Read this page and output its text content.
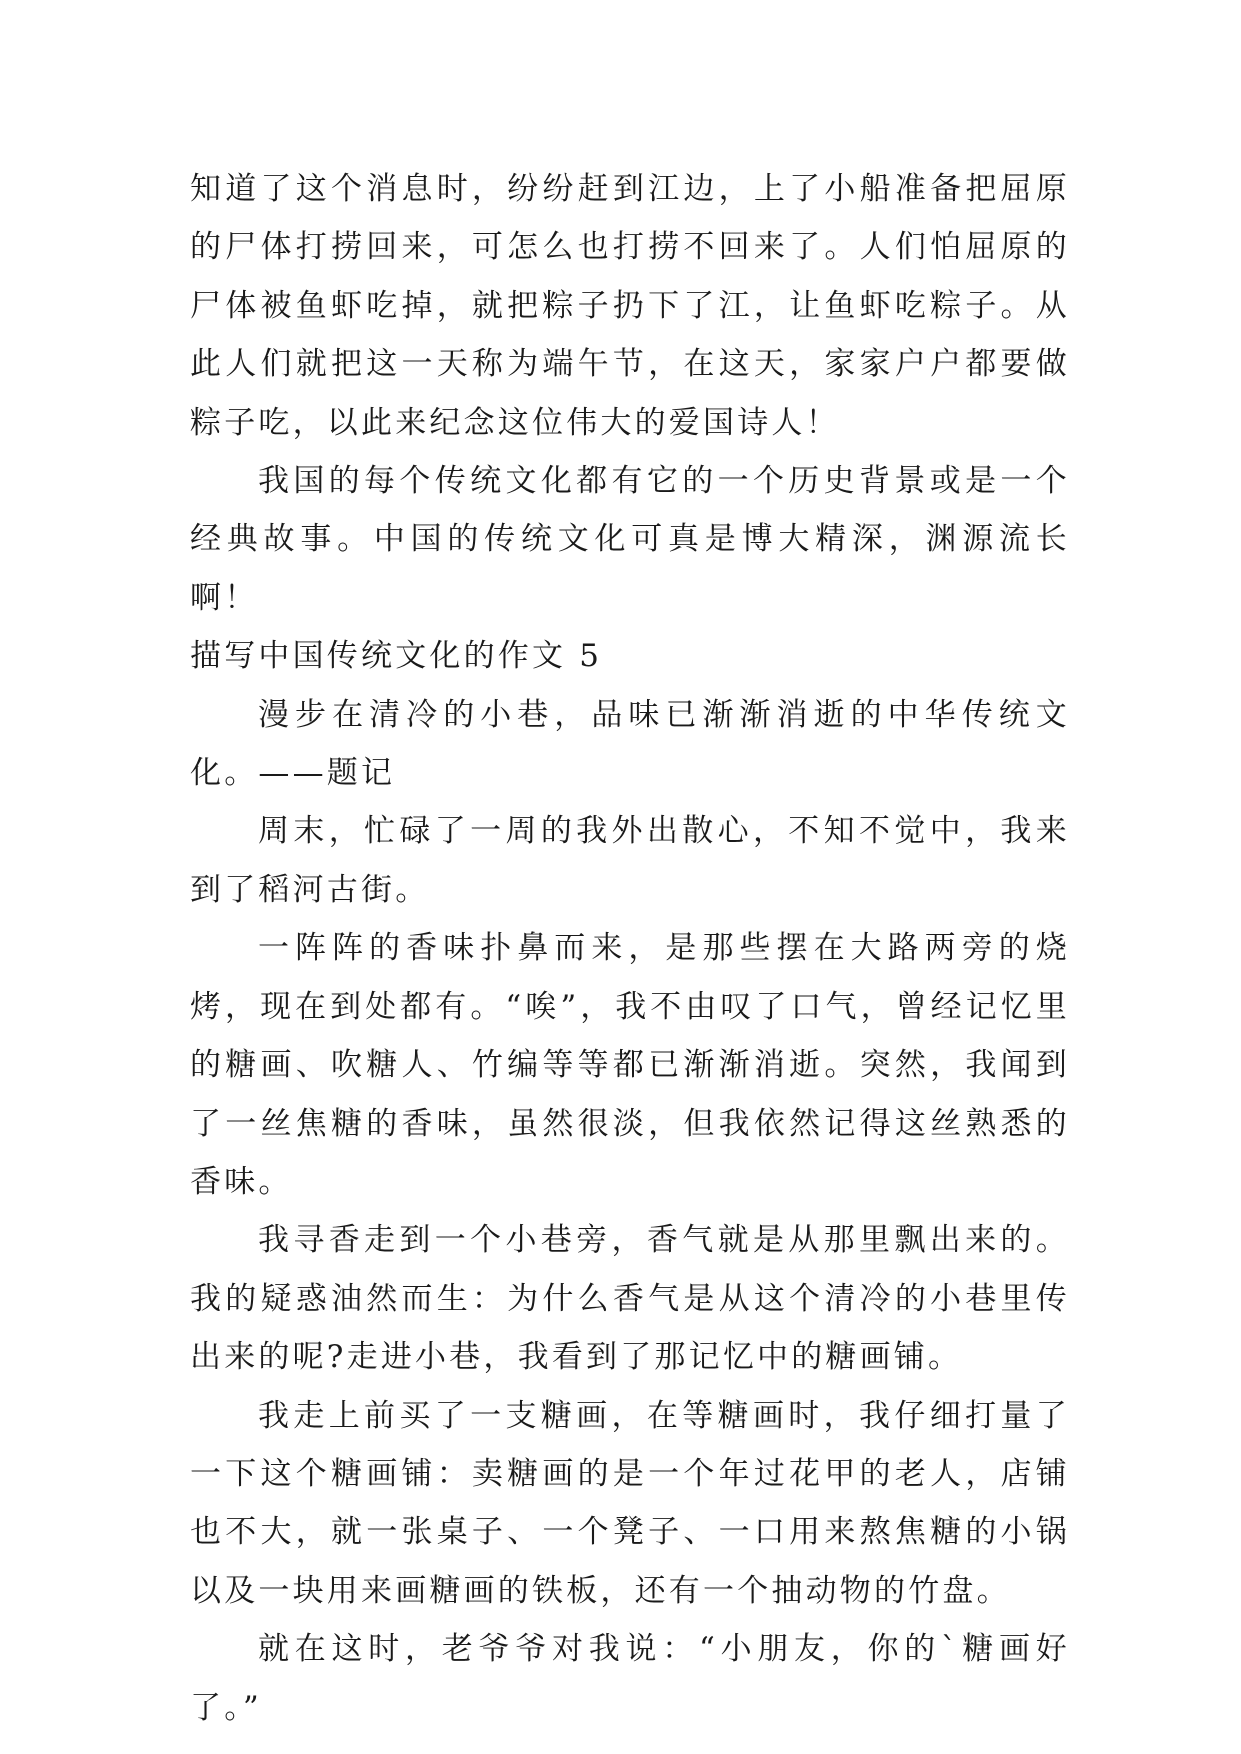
知道了这个消息时，纷纷赶到江边，上了小船准备把屈原的尸体打捞回来，可怎么也打捞不回来了。人们怕屈原的尸体被鱼虾吃掉，就把粽子扔下了江，让鱼虾吃粽子。从此人们就把这一天称为端午节，在这天，家家户户都要做粽子吃，以此来纪念这位伟大的爱国诗人！

我国的每个传统文化都有它的一个历史背景或是一个经典故事。中国的传统文化可真是博大精深，渊源流长啊！

描写中国传统文化的作文 5

漫步在清冷的小巷，品味已渐渐消逝的中华传统文化。——题记

周末，忙碌了一周的我外出散心，不知不觉中，我来到了稻河古街。

一阵阵的香味扑鼻而来，是那些摆在大路两旁的烧烤，现在到处都有。“唉”，我不由叹了口气，曾经记忆里的糖画、吹糖人、竹编等等都已渐渐消逝。突然，我闻到了一丝焦糖的香味，虽然很淡，但我依然记得这丝熟悉的香味。

我寻香走到一个小巷旁，香气就是从那里飘出来的。我的疑惑油然而生：为什么香气是从这个清冷的小巷里传出来的呢?走进小巷，我看到了那记忆中的糖画铺。

我走上前买了一支糖画，在等糖画时，我仔细打量了一下这个糖画铺：卖糖画的是一个年过花甲的老人，店铺也不大，就一张桌子、一个凳子、一口用来熬焦糖的小锅以及一块用来画糖画的铁板，还有一个抽动物的竹盘。

就在这时，老爷爷对我说：“小朋友，你的`糖画好了。”
